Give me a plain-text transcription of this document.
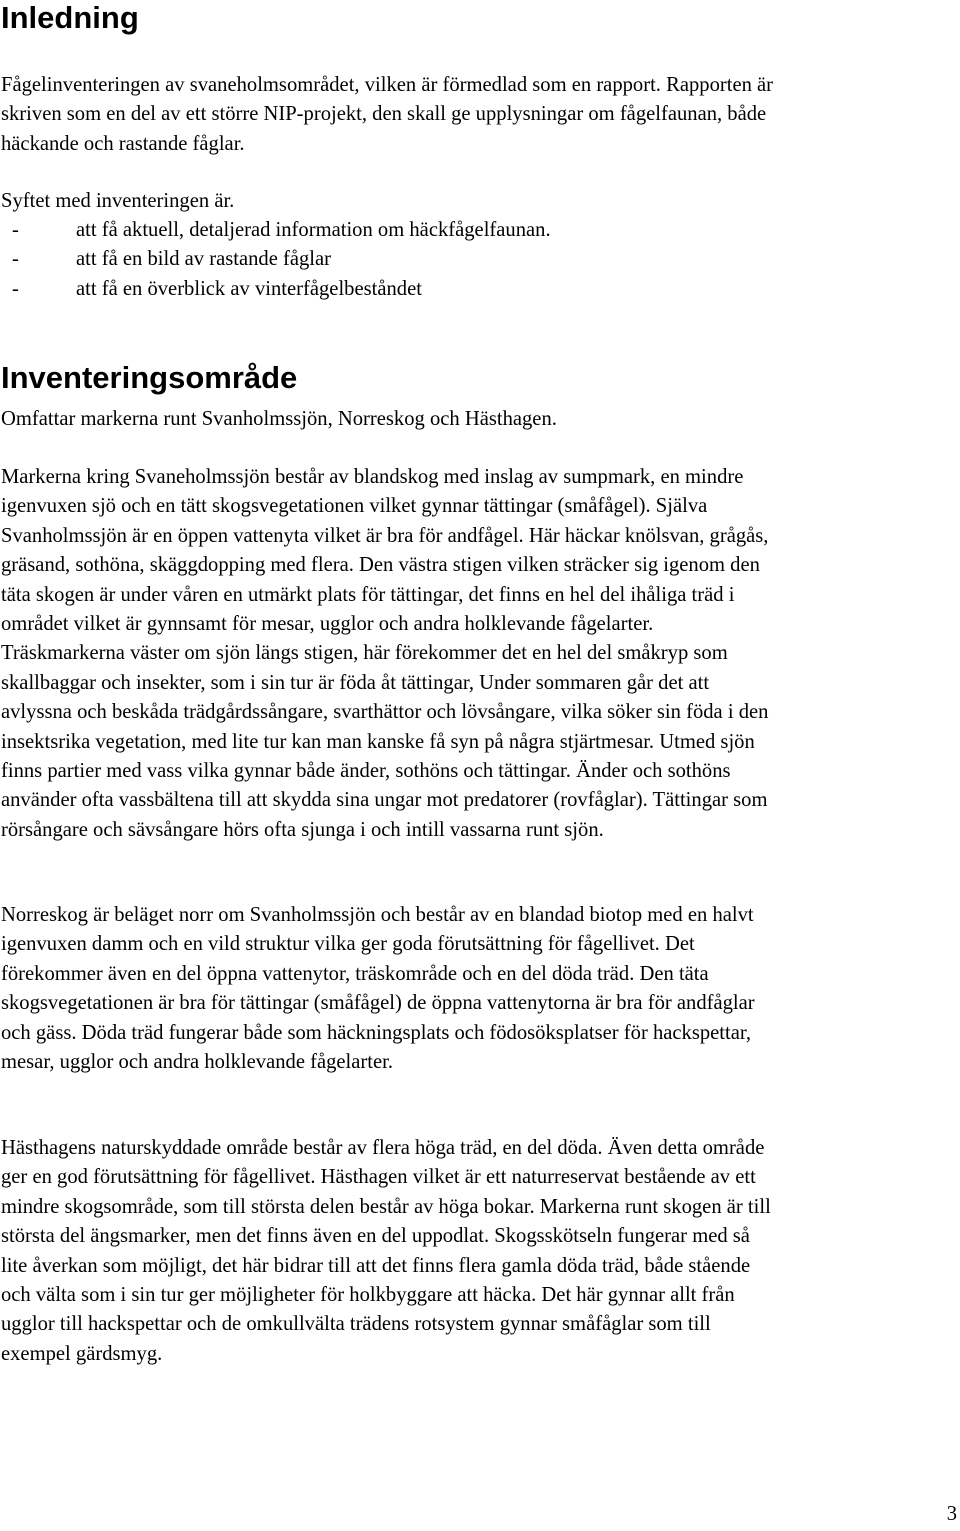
Inledning

Fågelinventeringen av svaneholmsområdet, vilken är förmedlad som en rapport. Rapporten är
skriven som en del av ett större NIP-projekt, den skall ge upplysningar om fågelfaunan, både
häckande och rastande fåglar.

Syftet med inventeringen är.

-	att få aktuell, detaljerad information om häckfågelfaunan.
-	att få en bild av rastande fåglar
-	att få en överblick av vinterfågelbeståndet
Inventeringsområde

Omfattar markerna runt Svanholmssjön, Norreskog och Hästhagen.

Markerna kring Svaneholmssjön består av blandskog med inslag av sumpmark, en mindre
igenvuxen sjö och en tätt skogsvegetationen vilket gynnar tättingar (småfågel). Själva
Svanholmssjön är en öppen vattenyta vilket är bra för andfågel. Här häckar knölsvan, grågås,
gräsand, sothöna, skäggdopping med flera. Den västra stigen vilken sträcker sig igenom den
täta skogen är under våren en utmärkt plats för tättingar, det finns en hel del ihåliga träd i
området vilket är gynnsamt för mesar, ugglor och andra holklevande fågelarter.
Träskmarkerna väster om sjön längs stigen, här förekommer det en hel del småkryp som
skallbaggar och insekter, som i sin tur är föda åt tättingar, Under sommaren går det att
avlyssna och beskåda trädgårdssångare, svarthättor och lövsångare, vilka söker sin föda i den
insektsrika vegetation, med lite tur kan man kanske få syn på några stjärtmesar. Utmed sjön
finns partier med vass vilka gynnar både änder, sothöns och tättingar. Änder och sothöns
använder ofta vassbältena till att skydda sina ungar mot predatorer (rovfåglar). Tättingar som
rörsångare och sävsångare hörs ofta sjunga i och intill vassarna runt sjön.

Norreskog är beläget norr om Svanholmssjön och består av en blandad biotop med en halvt
igenvuxen damm och en vild struktur vilka ger goda förutsättning för fågellivet. Det
förekommer även en del öppna vattenytor, träskområde och en del döda träd. Den täta
skogsvegetationen är bra för tättingar (småfågel) de öppna vattenytorna är bra för andfåglar
och gäss. Döda träd fungerar både som häckningsplats och födosöksplatser för hackspettar,
mesar, ugglor och andra holklevande fågelarter.

Hästhagens naturskyddade område består av flera höga träd, en del döda. Även detta område
ger en god förutsättning för fågellivet. Hästhagen vilket är ett naturreservat bestående av ett
mindre skogsområde, som till största delen består av höga bokar. Markerna runt skogen är till
största del ängsmarker, men det finns även en del uppodlat. Skogsskötseln fungerar med så
lite åverkan som möjligt, det här bidrar till att det finns flera gamla döda träd, både stående
och välta som i sin tur ger möjligheter för holkbyggare att häcka. Det här gynnar allt från
ugglor till hackspettar och de omkullvälta trädens rotsystem gynnar småfåglar som till
exempel gärdsmyg.

3
